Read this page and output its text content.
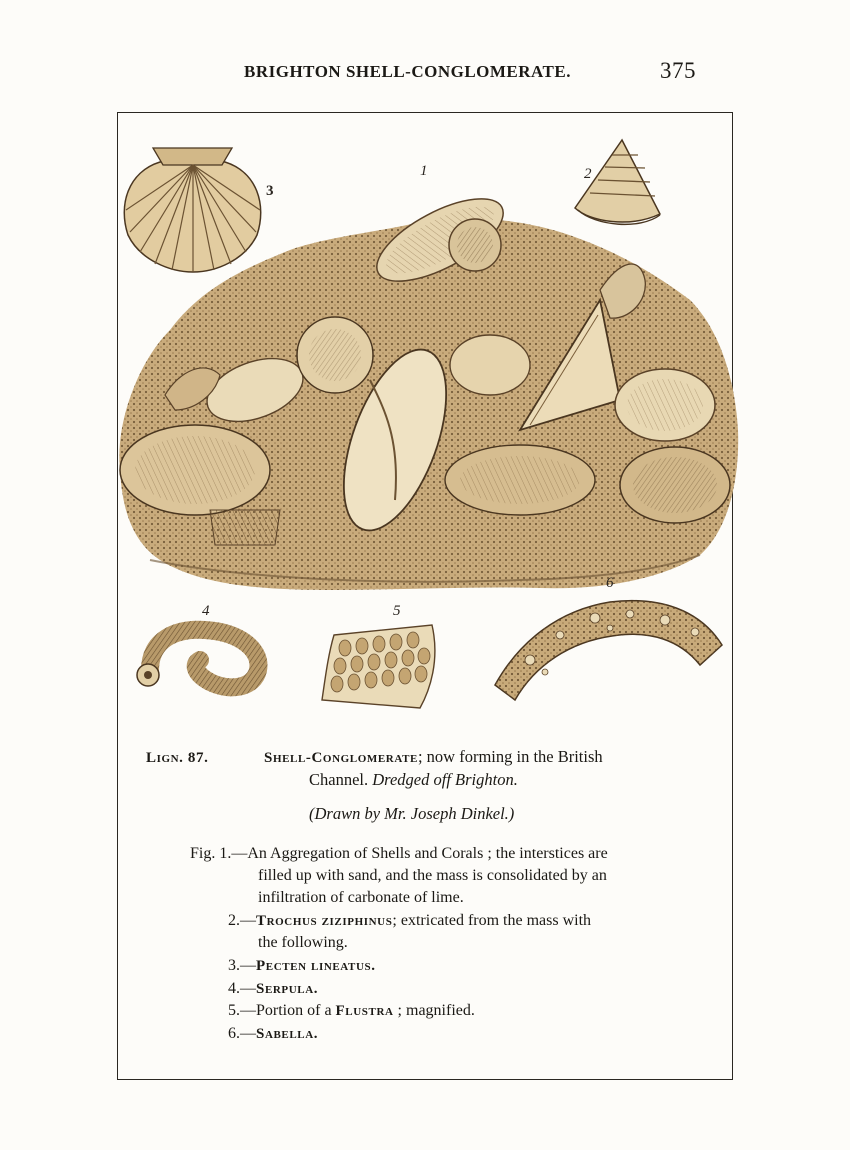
BRIGHTON SHELL-CONGLOMERATE.	375
1	2
3
4	5
6
Lign. 87.	Shell-Conglomerate; now forming in the British
Channel. Dredged off Brighton.
(Drawn by Mr. Joseph Dinkel.)
Fig. 1.—An Aggregation of Shells and Corals ; the interstices are
filled up with sand, and the mass is consolidated by an
infiltration of carbonate of lime.
2.—Trochus ziziphinus; extricated from the mass with
the following.
3.—Pecten lineatus.
4.—Serpula.
5.—Portion of a Flustra ; magnified.
6.—Sabella.
